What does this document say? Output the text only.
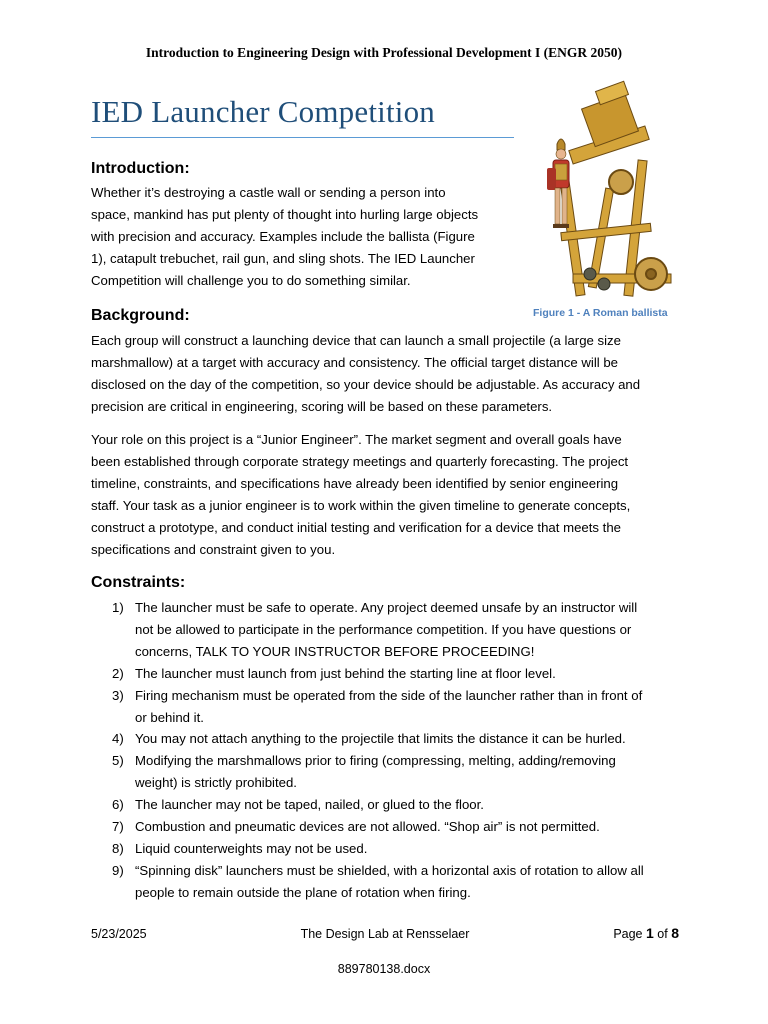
Introduction to Engineering Design with Professional Development I (ENGR 2050)
IED Launcher Competition
Introduction:

Whether it’s destroying a castle wall or sending a person into
space, mankind has put plenty of thought into hurling large objects
with precision and accuracy. Examples include the ballista (Figure
1), catapult trebuchet, rail gun, and sling shots. The IED Launcher
Competition will challenge you to do something similar.

Figure 1 - A Roman ballista

Background:

Each group will construct a launching device that can launch a small projectile (a large size
marshmallow) at a target with accuracy and consistency. The official target distance will be
disclosed on the day of the competition, so your device should be adjustable. As accuracy and
precision are critical in engineering, scoring will be based on these parameters.

Your role on this project is a “Junior Engineer”. The market segment and overall goals have
been established through corporate strategy meetings and quarterly forecasting. The project
timeline, constraints, and specifications have already been identified by senior engineering
staff. Your task as a junior engineer is to work within the given timeline to generate concepts,
construct a prototype, and conduct initial testing and verification for a device that meets the
specifications and constraint given to you.

Constraints:
1) The launcher must be safe to operate. Any project deemed unsafe by an instructor will
not be allowed to participate in the performance competition. If you have questions or
concerns, TALK TO YOUR INSTRUCTOR BEFORE PROCEEDING!
2) The launcher must launch from just behind the starting line at floor level.
3) Firing mechanism must be operated from the side of the launcher rather than in front of
or behind it.
4) You may not attach anything to the projectile that limits the distance it can be hurled.
5) Modifying the marshmallows prior to firing (compressing, melting, adding/removing
weight) is strictly prohibited.
6) The launcher may not be taped, nailed, or glued to the floor.
7) Combustion and pneumatic devices are not allowed. “Shop air” is not permitted.
8) Liquid counterweights may not be used.
9) “Spinning disk” launchers must be shielded, with a horizontal axis of rotation to allow all
people to remain outside the plane of rotation when firing.
5/23/2025	The Design Lab at Rensselaer	Page 1 of 8
889780138.docx
